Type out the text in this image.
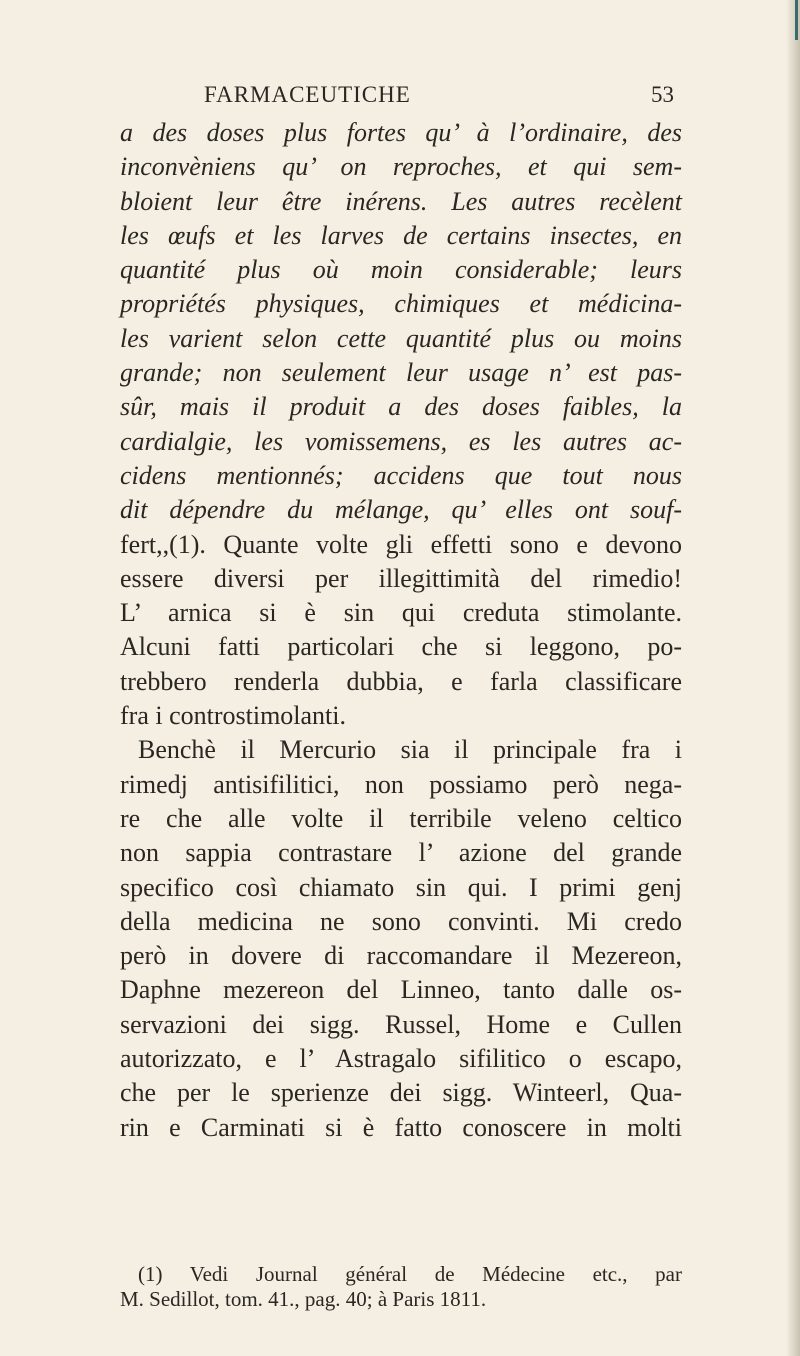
FARMACEUTICHE	53
a des doses plus fortes qu’ à l’ordinaire, des
inconvèniens qu’ on reproches, et qui sem-
bloient leur être inérens. Les autres recèlent
les œufs et les larves de certains insectes, en
quantité plus où moin considerable; leurs
propriétés physiques, chimiques et médicina-
les varient selon cette quantité plus ou moins
grande; non seulement leur usage n’ est pas-
sûr, mais il produit a des doses faibles, la
cardialgie, les vomissemens, es les autres ac-
cidens mentionnés; accidens que tout nous
dit dépendre du mélange, qu’ elles ont souf-
fert,,(1). Quante volte gli effetti sono e devono
essere diversi per illegittimità del rimedio!
L’ arnica si è sin qui creduta stimolante.
Alcuni fatti particolari che si leggono, po-
trebbero renderla dubbia, e farla classificare
fra i controstimolanti.
Benchè il Mercurio sia il principale fra i
rimedj antisifilitici, non possiamo però nega-
re che alle volte il terribile veleno celtico
non sappia contrastare l’ azione del grande
specifico così chiamato sin qui. I primi genj
della medicina ne sono convinti. Mi credo
però in dovere di raccomandare il Mezereon,
Daphne mezereon del Linneo, tanto dalle os-
servazioni dei sigg. Russel, Home e Cullen
autorizzato, e l’ Astragalo sifilitico o escapo,
che per le sperienze dei sigg. Winteerl, Qua-
rin e Carminati si è fatto conoscere in molti
(1) Vedi Journal général de Médecine etc., par
M. Sedillot, tom. 41., pag. 40; à Paris 1811.
